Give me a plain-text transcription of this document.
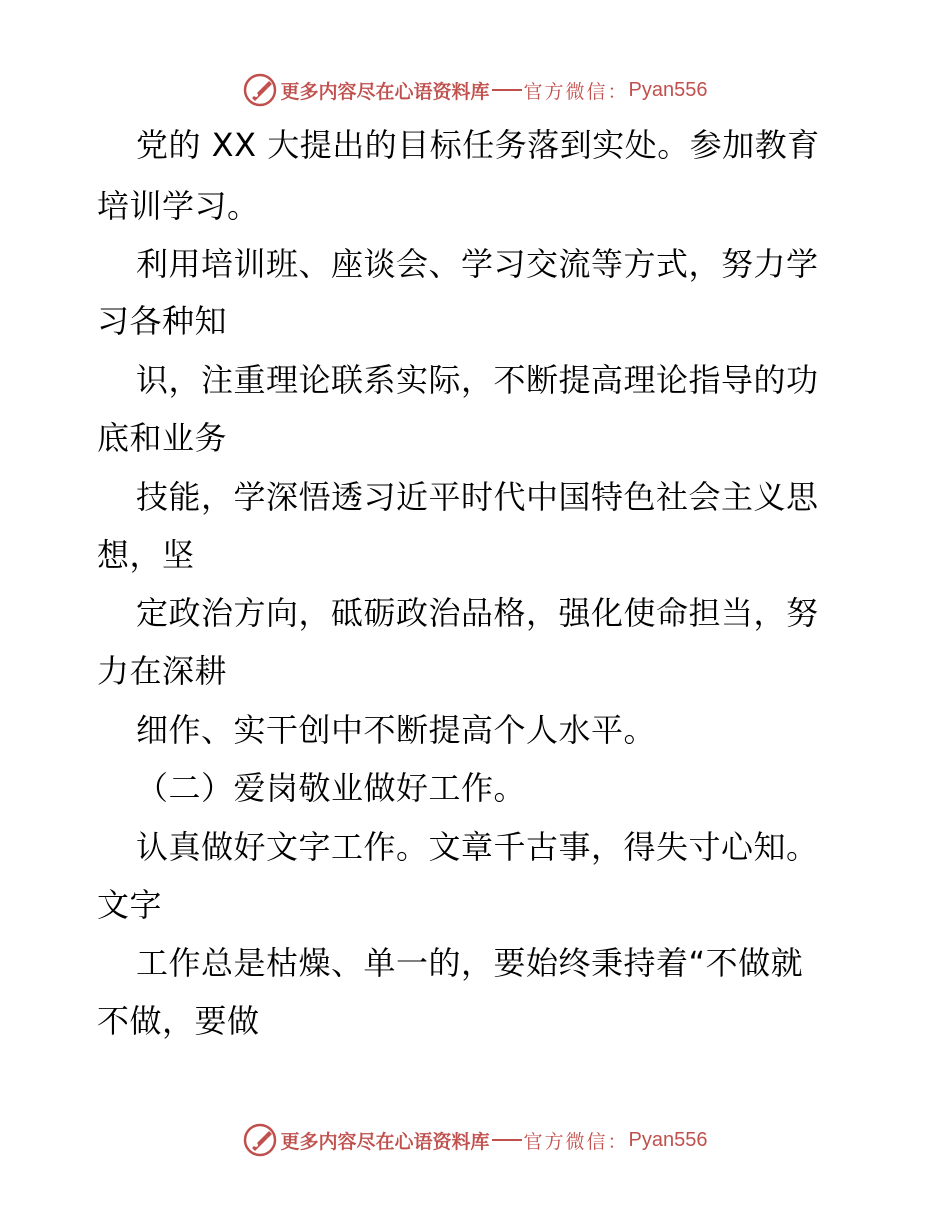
更多内容尽在心语资料库 官方微信： Pyan556
党的 XX 大提出的目标任务落到实处。参加教育
培训学习。
利用培训班、座谈会、学习交流等方式，努力学
习各种知
识，注重理论联系实际，不断提高理论指导的功
底和业务
技能，学深悟透习近平时代中国特色社会主义思
想，坚
定政治方向，砥砺政治品格，强化使命担当，努
力在深耕
细作、实干创中不断提高个人水平。
（二）爱岗敬业做好工作。
认真做好文字工作。文章千古事，得失寸心知。
文字
工作总是枯燥、单一的，要始终秉持着“不做就
不做，要做
更多内容尽在心语资料库 官方微信： Pyan556
